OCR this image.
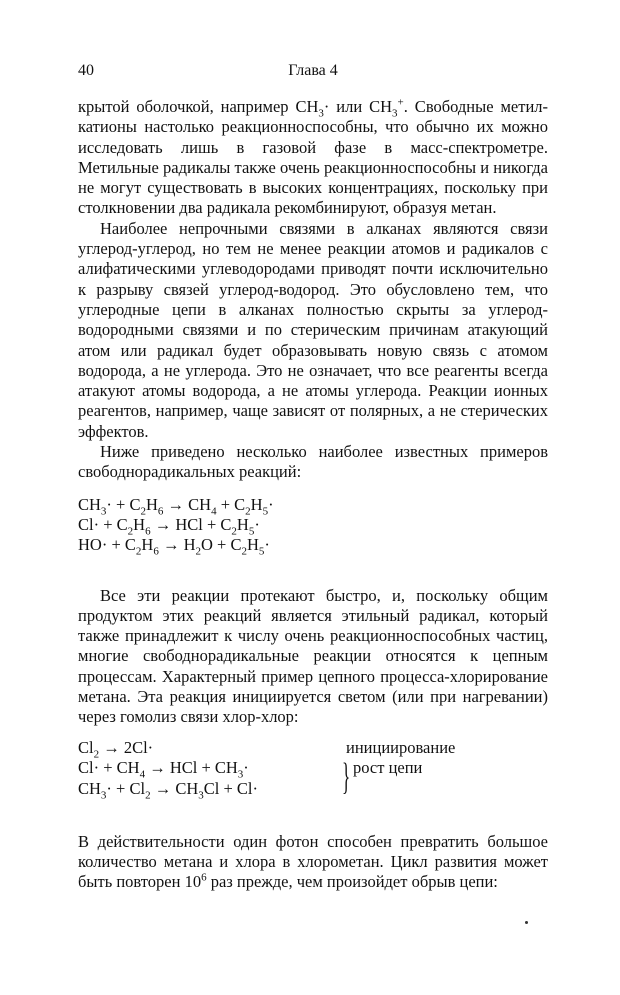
40	Глава 4

крытой оболочкой, например $CH_3\cdot$ или $CH_3^+$. Свободные метил-катионы настолько реакционноспособны, что обычно их можно исследовать лишь в газовой фазе в масс-спектрометре. Метильные радикалы также очень реакционноспособны и никогда не могут существовать в высоких концентрациях, поскольку при столкновении два радикала рекомбинируют, образуя метан.

Наиболее непрочными связями в алканах являются связи углерод-углерод, но тем не менее реакции атомов и радикалов с алифатическими углеводородами приводят почти исключительно к разрыву связей углерод-водород. Это обусловлено тем, что углеродные цепи в алканах полностью скрыты за углерод-водородными связями и по стерическим причинам атакующий атом или радикал будет образовывать новую связь с атомом водорода, а не углерода. Это не означает, что все реагенты всегда атакуют атомы водорода, а не атомы углерода. Реакции ионных реагентов, например, чаще зависят от полярных, а не стерических эффектов.

Ниже приведено несколько наиболее известных примеров свободнорадикальных реакций:

$CH_3\cdot + C_2H_6 \to CH_4 + C_2H_5\cdot$
$Cl\cdot + C_2H_6$ → HCl + $C_2H_5\cdot$
$HO\cdot + C_2H_6 \to H_2O + C_2H_5\cdot$

Все эти реакции протекают быстро, и, поскольку общим продуктом этих реакций является этильный радикал, который также принадлежит к числу очень реакционноспособных частиц, многие свободнорадикальные реакции относятся к цепным процессам. Характерный пример цепного процесса-хлорирование метана. Эта реакция инициируется светом (или при нагревании) через гомолиз связи хлор-хлор:

$Cl_2 \to 2Cl\cdot$
$Cl\cdot + CH_4$ → HCl + $CH_3\cdot$
$CH_3\cdot + Cl_2 \to CH_3Cl + Cl\cdot$ }
инициирование
рост цепи

В действительности один фотон способен превратить большое количество метана и хлора в хлорометан. Цикл развития может быть повторен $10^6$ раз прежде, чем произойдет обрыв цепи:
